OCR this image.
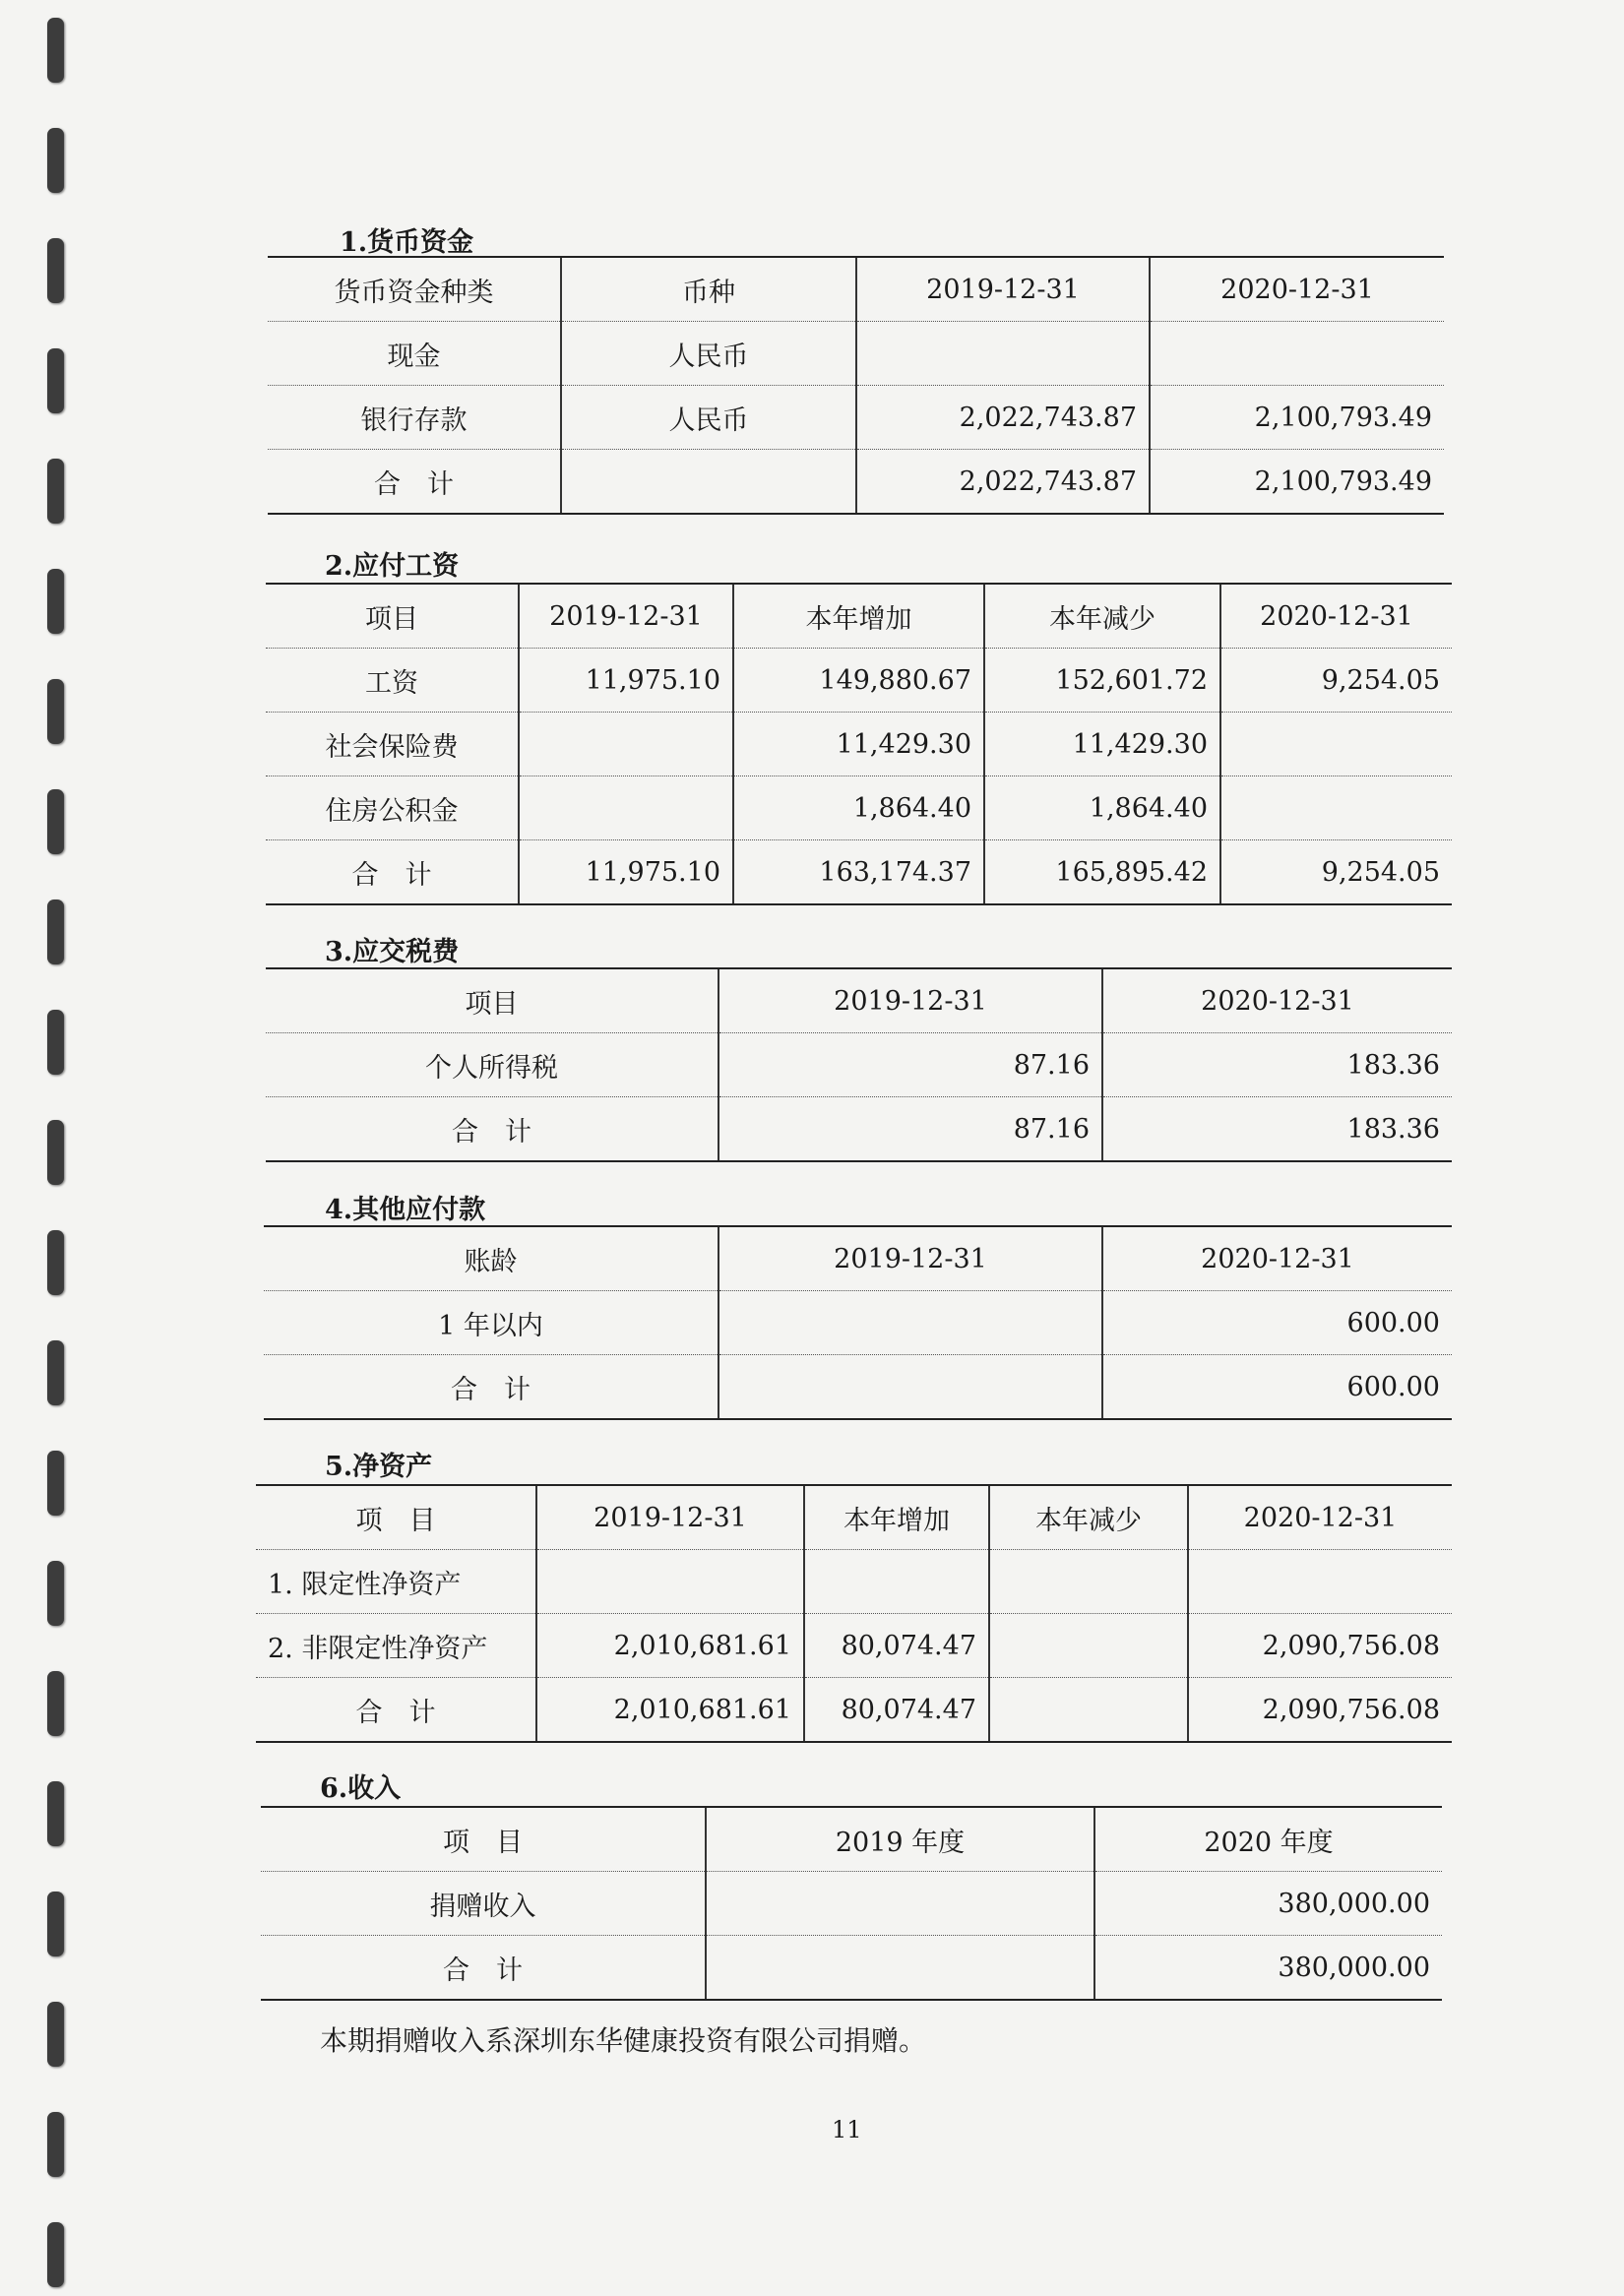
1.货币资金
货币资金种类	币种	2019-12-31	2020-12-31
现金	人民币		
银行存款	人民币	2,022,743.87	2,100,793.49
合　计		2,022,743.87	2,100,793.49
2.应付工资
项目	2019-12-31	本年增加	本年减少	2020-12-31
工资	11,975.10	149,880.67	152,601.72	9,254.05
社会保险费		11,429.30	11,429.30	
住房公积金		1,864.40	1,864.40	
合　计	11,975.10	163,174.37	165,895.42	9,254.05
3.应交税费
项目	2019-12-31	2020-12-31
个人所得税	87.16	183.36
合　计	87.16	183.36
4.其他应付款
账龄	2019-12-31	2020-12-31
1 年以内		600.00
合　计		600.00
5.净资产
项　目	2019-12-31	本年增加	本年减少	2020-12-31
1. 限定性净资产				
2. 非限定性净资产	2,010,681.61	80,074.47		2,090,756.08
合　计	2,010,681.61	80,074.47		2,090,756.08
6.收入
项　目	2019 年度	2020 年度
捐赠收入		380,000.00
合　计		380,000.00
本期捐赠收入系深圳东华健康投资有限公司捐赠。
11
